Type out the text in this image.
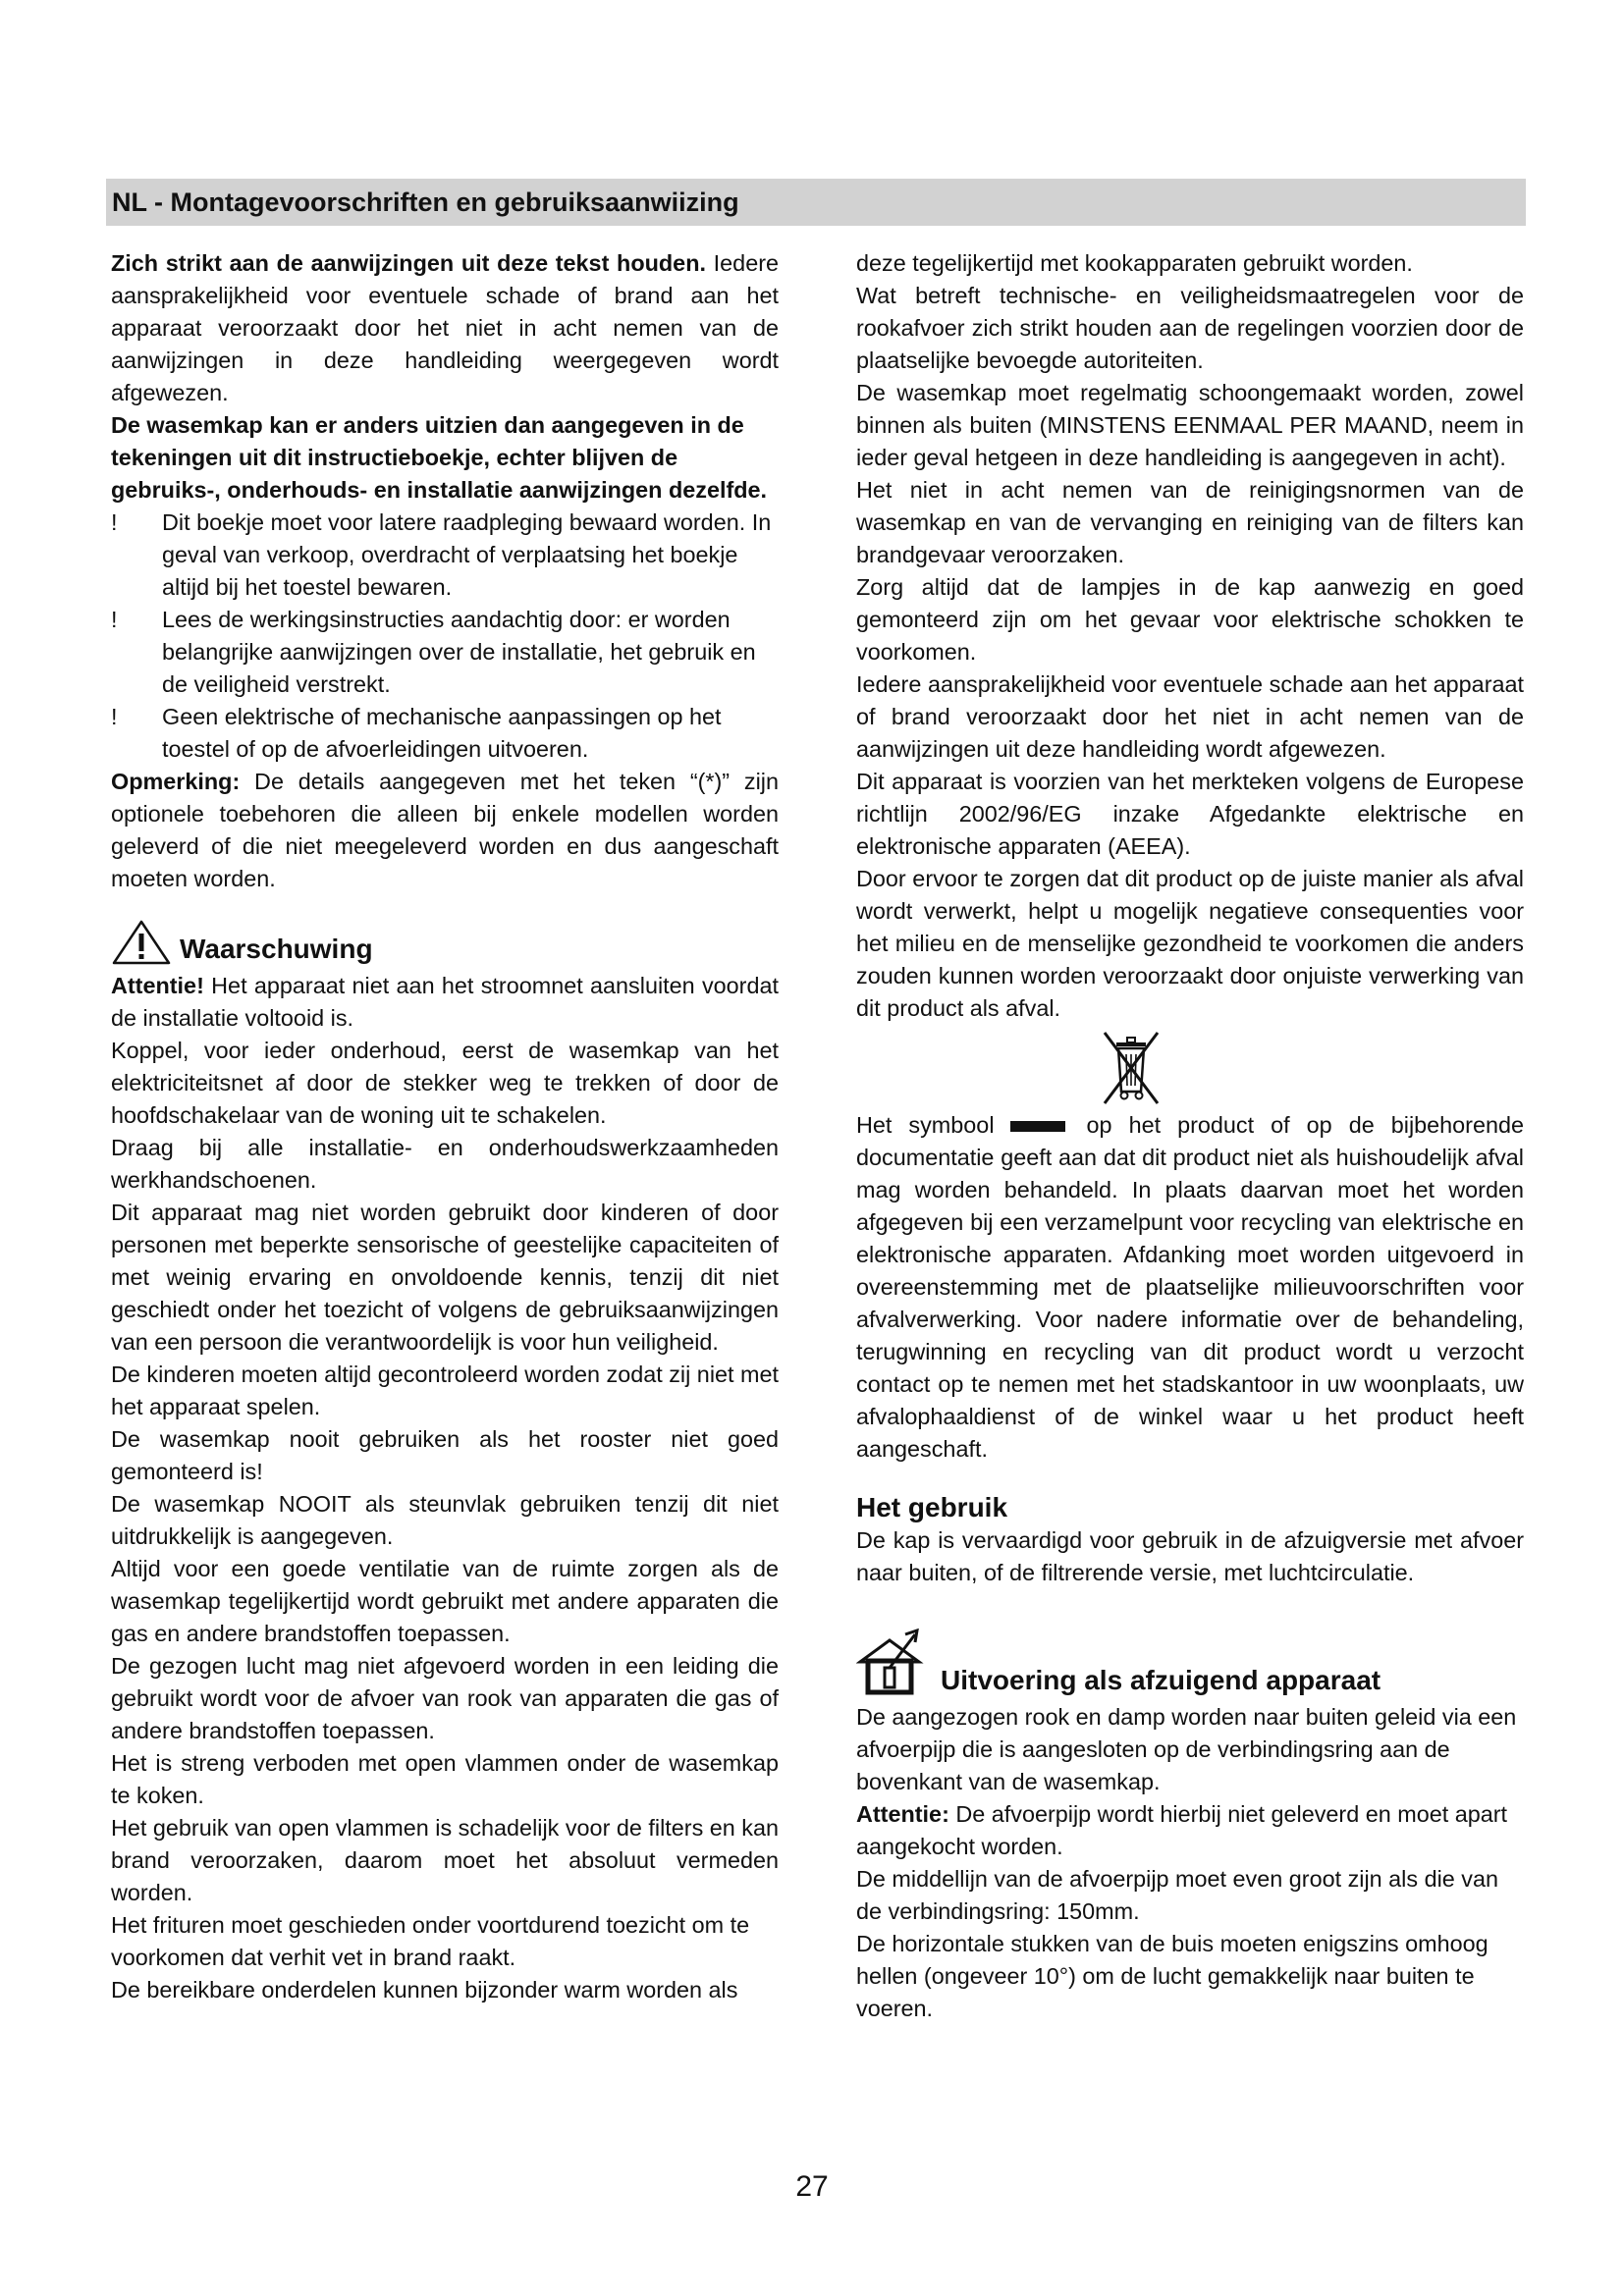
NL - Montagevoorschriften en gebruiksaanwiizing

Zich strikt aan de aanwijzingen uit deze tekst houden. Iedere aansprakelijkheid voor eventuele schade of brand aan het apparaat veroorzaakt door het niet in acht nemen van de aanwijzingen in deze handleiding weergegeven wordt afgewezen.

De wasemkap kan er anders uitzien dan aangegeven in de tekeningen uit dit instructieboekje, echter blijven de gebruiks-, onderhouds- en installatie aanwijzingen dezelfde.

! Dit boekje moet voor latere raadpleging bewaard worden. In geval van verkoop, overdracht of verplaatsing het boekje altijd bij het toestel bewaren.

! Lees de werkingsinstructies aandachtig door: er worden belangrijke aanwijzingen over de installatie, het gebruik en de veiligheid verstrekt.

! Geen elektrische of mechanische aanpassingen op het toestel of op de afvoerleidingen uitvoeren.

Opmerking: De details aangegeven met het teken “(*)” zijn optionele toebehoren die alleen bij enkele modellen worden geleverd of die niet meegeleverd worden en dus aangeschaft moeten worden.

Waarschuwing

Attentie! Het apparaat niet aan het stroomnet aansluiten voordat de installatie voltooid is.

Koppel, voor ieder onderhoud, eerst de wasemkap van het elektriciteitsnet af door de stekker weg te trekken of door de hoofdschakelaar van de woning uit te schakelen.

Draag bij alle installatie- en onderhoudswerkzaamheden werkhandschoenen.

Dit apparaat mag niet worden gebruikt door kinderen of door personen met beperkte sensorische of geestelijke capaciteiten of met weinig ervaring en onvoldoende kennis, tenzij dit niet geschiedt onder het toezicht of volgens de gebruiksaanwijzingen van een persoon die verantwoordelijk is voor hun veiligheid.

De kinderen moeten altijd gecontroleerd worden zodat zij niet met het apparaat spelen.

De wasemkap nooit gebruiken als het rooster niet goed gemonteerd is!

De wasemkap NOOIT als steunvlak gebruiken tenzij dit niet uitdrukkelijk is aangegeven.

Altijd voor een goede ventilatie van de ruimte zorgen als de wasemkap tegelijkertijd wordt gebruikt met andere apparaten die gas en andere brandstoffen toepassen.

De gezogen lucht mag niet afgevoerd worden in een leiding die gebruikt wordt voor de afvoer van rook van apparaten die gas of andere brandstoffen toepassen.

Het is streng verboden met open vlammen onder de wasemkap te koken.

Het gebruik van open vlammen is schadelijk voor de filters en kan brand veroorzaken, daarom moet het absoluut vermeden worden.

Het frituren moet geschieden onder voortdurend toezicht om te voorkomen dat verhit vet in brand raakt.

De bereikbare onderdelen kunnen bijzonder warm worden als

deze tegelijkertijd met kookapparaten gebruikt worden.

Wat betreft technische- en veiligheidsmaatregelen voor de rookafvoer zich strikt houden aan de regelingen voorzien door de plaatselijke bevoegde autoriteiten.

De wasemkap moet regelmatig schoongemaakt worden, zowel binnen als buiten (MINSTENS EENMAAL PER MAAND, neem in ieder geval hetgeen in deze handleiding is aangegeven in acht).

Het niet in acht nemen van de reinigingsnormen van de wasemkap en van de vervanging en reiniging van de filters kan brandgevaar veroorzaken.

Zorg altijd dat de lampjes in de kap aanwezig en goed gemonteerd zijn om het gevaar voor elektrische schokken te voorkomen.

Iedere aansprakelijkheid voor eventuele schade aan het apparaat of brand veroorzaakt door het niet in acht nemen van de aanwijzingen uit deze handleiding wordt afgewezen.

Dit apparaat is voorzien van het merkteken volgens de Europese richtlijn 2002/96/EG inzake Afgedankte elektrische en elektronische apparaten (AEEA).

Door ervoor te zorgen dat dit product op de juiste manier als afval wordt verwerkt, helpt u mogelijk negatieve consequenties voor het milieu en de menselijke gezondheid te voorkomen die anders zouden kunnen worden veroorzaakt door onjuiste verwerking van dit product als afval.

Het symbool	op het product of op de bijbehorende documentatie geeft aan dat dit product niet als huishoudelijk afval mag worden behandeld. In plaats daarvan moet het worden afgegeven bij een verzamelpunt voor recycling van elektrische en elektronische apparaten. Afdanking moet worden uitgevoerd in overeenstemming met de plaatselijke milieuvoorschriften voor afvalverwerking. Voor nadere informatie over de behandeling, terugwinning en recycling van dit product wordt u verzocht contact op te nemen met het stadskantoor in uw woonplaats, uw afvalophaaldienst of de winkel waar u het product heeft aangeschaft.

Het gebruik

De kap is vervaardigd voor gebruik in de afzuigversie met afvoer naar buiten, of de filtrerende versie, met luchtcirculatie.

Uitvoering als afzuigend apparaat

De aangezogen rook en damp worden naar buiten geleid via een afvoerpijp die is aangesloten op de verbindingsring aan de bovenkant van de wasemkap.

Attentie: De afvoerpijp wordt hierbij niet geleverd en moet apart aangekocht worden.

De middellijn van de afvoerpijp moet even groot zijn als die van de verbindingsring: 150mm.

De horizontale stukken van de buis moeten enigszins omhoog hellen (ongeveer 10°) om de lucht gemakkelijk naar buiten te voeren.

27
